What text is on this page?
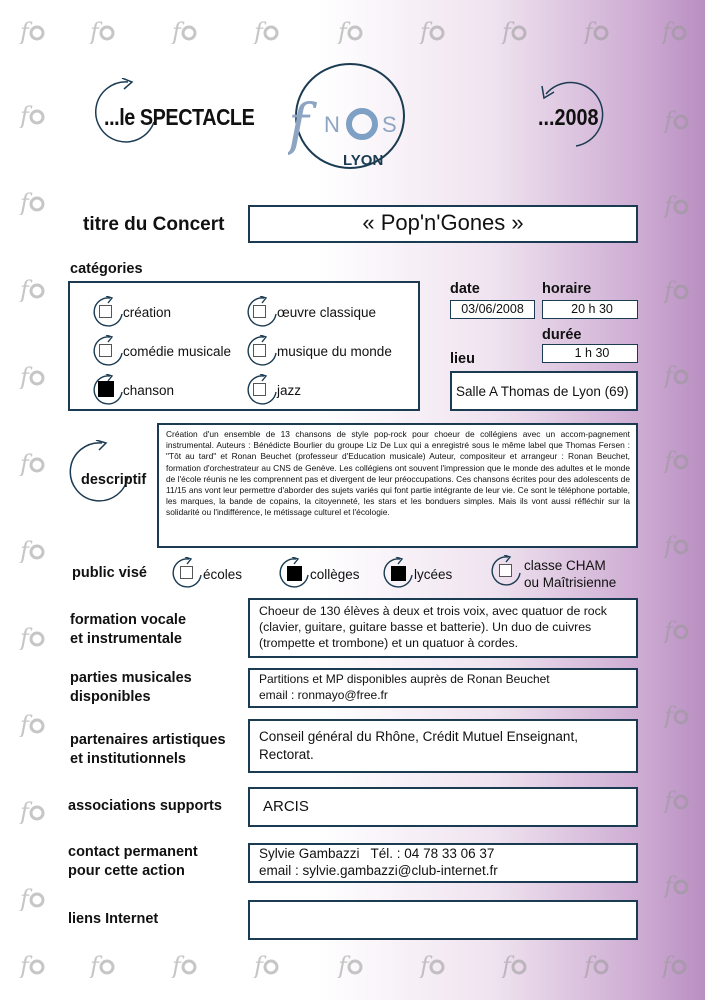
f
f
f
f
f
f
f
f
f
f
f
f
f
f
f
f
f
f
f
f
f
f
f
f
f
f
f
f
f
f
f
f
f
f
f
f
f
f
...le SPECTACLE f N S
LYON
...2008
titre du Concert	« Pop'n'Gones »
catégories
création	œuvre classique
comédie musicale	musique du monde
chanson	jazz
date	horaire
03/06/2008	20 h 30
durée
1 h 30
lieu
Salle A Thomas de Lyon (69)
descriptif
Création d'un ensemble de 13 chansons de style pop-rock pour choeur de collégiens avec un accom-pagnement instrumental. Auteurs : Bénédicte Bourlier du groupe Liz De Lux qui a enregistré sous le même label que Thomas Fersen : "Tôt au tard" et Ronan Beuchet (professeur d'Education musicale) Auteur, compositeur et arrangeur : Ronan Beuchet, formation d'orchestrateur au CNS de Genève. Les collégiens ont souvent l'impression que le monde des adultes et le monde de l'école réunis ne les comprennent pas et divergent de leur préoccupations. Ces chansons écrites pour des adolescents de 11/15 ans vont leur permettre d'aborder des sujets variés qui font partie intégrante de leur vie. Ce sont le téléphone portable, les marques, la bande de copains, la citoyenneté, les stars et les bonduers simples. Mais ils vont aussi réfléchir sur la solidarité ou l'indifférence, le métissage culturel et l'écologie.
public visé	écoles	collèges	lycées
classe CHAM
ou Maîtrisienne
formation vocale
et instrumentale
Choeur de 130 élèves à deux et trois voix, avec quatuor de rock (clavier, guitare, guitare basse et batterie). Un duo de cuivres (trompette et trombone) et un quatuor à cordes.
parties musicales
disponibles
Partitions et MP disponibles auprès de Ronan Beuchet
email : ronmayo@free.fr
partenaires artistiques
et institutionnels
Conseil général du Rhône, Crédit Mutuel Enseignant, Rectorat.
associations supports	ARCIS
contact permanent
pour cette action
Sylvie Gambazzi   Tél. : 04 78 33 06 37
email : sylvie.gambazzi@club-internet.fr
liens Internet
